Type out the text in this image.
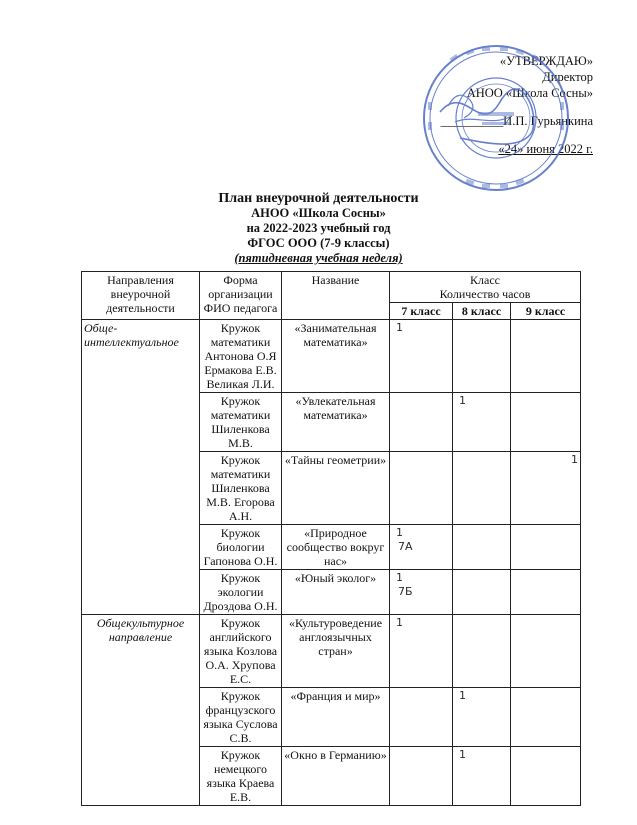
«УТВЕРЖДАЮ»
Директор
АНОО «Школа Сосны»
__________И.П. Гурьянкина
«24» июня 2022 г.
План внеурочной деятельности
АНОО «Школа Сосны»
на 2022-2023 учебный год
ФГОС ООО (7-9 классы)
(пятидневная учебная неделя)
Направления внеурочной деятельности	Форма организации ФИО педагога	Название	Класс
Количество часов		

			7 класс	8 класс	9 класс
Обще-интеллектуальное	Кружок математики Антонова О.Я Ермакова Е.В. Великая Л.И.	«Занимательная математика»	1		

	Кружок математики Шиленкова М.В.	«Увлекательная математика»		1	
	Кружок математики Шиленкова М.В. Егорова А.Н.	«Тайны геометрии»			1
	Кружок биологии Гапонова О.Н.	«Природное сообщество вокруг нас»	1
7А		

	Кружок экологии Дроздова О.Н.	«Юный эколог»	1
7Б		

Общекультурное направление	Кружок английского языка Козлова О.А. Хрупова Е.С.	«Культуроведение англоязычных стран»	1		

	Кружок французского языка Суслова С.В.	«Франция и мир»		1	
	Кружок немецкого языка Краева Е.В.	«Окно в Германию»		1	
